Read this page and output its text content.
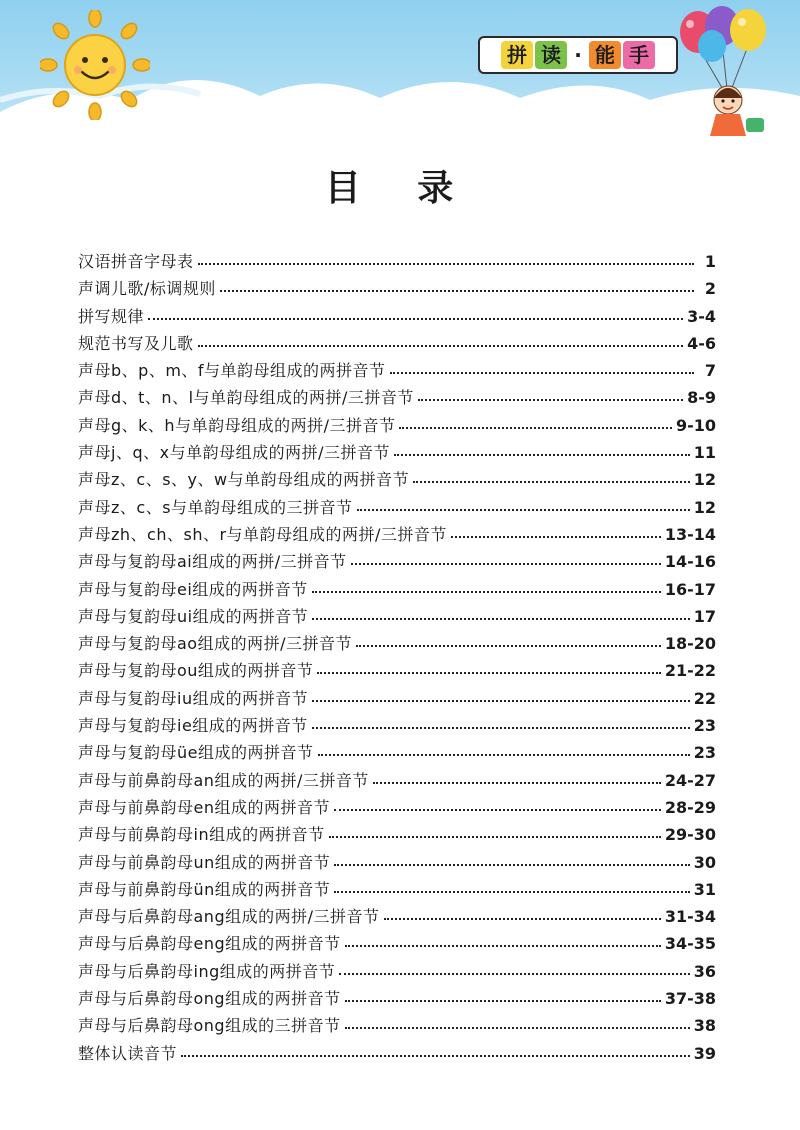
拼 读 · 能 手
目 录
汉语拼音字母表	1
声调儿歌/标调规则	2
拼写规律	3-4
规范书写及儿歌	4-6
声母b、p、m、f与单韵母组成的两拼音节	7
声母d、t、n、l与单韵母组成的两拼/三拼音节	8-9
声母g、k、h与单韵母组成的两拼/三拼音节	9-10
声母j、q、x与单韵母组成的两拼/三拼音节	11
声母z、c、s、y、w与单韵母组成的两拼音节	12
声母z、c、s与单韵母组成的三拼音节	12
声母zh、ch、sh、r与单韵母组成的两拼/三拼音节	13-14
声母与复韵母ai组成的两拼/三拼音节	14-16
声母与复韵母ei组成的两拼音节	16-17
声母与复韵母ui组成的两拼音节	17
声母与复韵母ao组成的两拼/三拼音节	18-20
声母与复韵母ou组成的两拼音节	21-22
声母与复韵母iu组成的两拼音节	22
声母与复韵母ie组成的两拼音节	23
声母与复韵母üe组成的两拼音节	23
声母与前鼻韵母an组成的两拼/三拼音节	24-27
声母与前鼻韵母en组成的两拼音节	28-29
声母与前鼻韵母in组成的两拼音节	29-30
声母与前鼻韵母un组成的两拼音节	30
声母与前鼻韵母ün组成的两拼音节	31
声母与后鼻韵母ang组成的两拼/三拼音节	31-34
声母与后鼻韵母eng组成的两拼音节	34-35
声母与后鼻韵母ing组成的两拼音节	36
声母与后鼻韵母ong组成的两拼音节	37-38
声母与后鼻韵母ong组成的三拼音节	38
整体认读音节	39
